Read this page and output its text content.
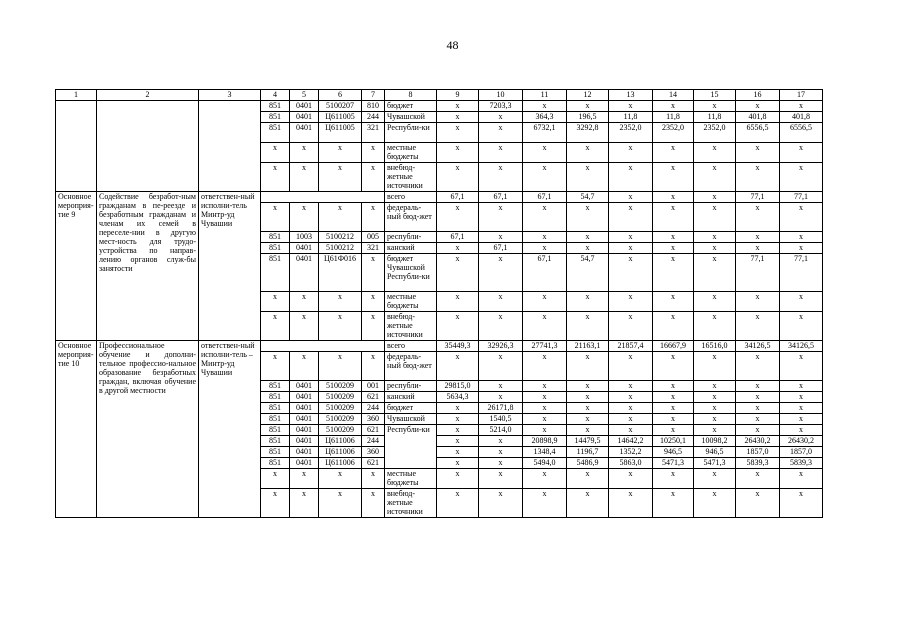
48
1	2	3	4	5	6	7	8	9	10	11	12	13	14	15	16	17
			851	0401	5100207	810	бюджет	x	7203,3	x	x	x	x	x	x	x
			851	0401	Ц611005	244	Чувашской	x	x	364,3	196,5	11,8	11,8	11,8	401,8	401,8
			851	0401	Ц611005	321	Республи-ки	x	x	6732,1	3292,8	2352,0	2352,0	2352,0	6556,5	6556,5
			x	x	x	x	местные бюджеты	x	x	x	x	x	x	x	x	x
			x	x	x	x	внебюд-жетные источники	x	x	x	x	x	x	x	x	x
Основное мероприя-тие 9	Содействие безработ-ным гражданам в пе-реезде и безработным гражданам и членам их семей в переселе-нии в другую мест-ность для трудо-устройства по направ-лению органов служ-бы занятости	ответствен-ный исполни-тель Минтр-уд Чувашии					всего	67,1	67,1	67,1	54,7	x	x	x	77,1	77,1
			x	x	x	x	федераль-ный бюд-жет	x	x	x	x	x	x	x	x	x
			851	1003	5100212	005	республи-	67,1	x	x	x	x	x	x	x	x
			851	0401	5100212	321	канский	x	67,1	x	x	x	x	x	x	x
			851	0401	Ц61Ф016	x	бюджет Чувашской Республи-ки	x	x	67,1	54,7	x	x	x	77,1	77,1
			x	x	x	x	местные бюджеты	x	x	x	x	x	x	x	x	x
			x	x	x	x	внебюд-жетные источники	x	x	x	x	x	x	x	x	x
Основное мероприя-тие 10	Профессиональное обучение и дополни-тельное профессио-нальное образование безработных граждан, включая обучение в другой местности	ответствен-ный исполни-тель – Минтр-уд Чувашии					всего	35449,3	32926,3	27741,3	21163,1	21857,4	16667,9	16516,0	34126,5	34126,5
			x	x	x	x	федераль-ный бюд-жет	x	x	x	x	x	x	x	x	x
			851	0401	5100209	001	республи-	29815,0	x	x	x	x	x	x	x	x
			851	0401	5100209	621	канский	5634,3	x	x	x	x	x	x	x	x
			851	0401	5100209	244	бюджет	x	26171,8	x	x	x	x	x	x	x
			851	0401	5100209	360	Чувашской	x	1540,5	x	x	x	x	x	x	x
			851	0401	5100209	621	Республи-ки	x	5214,0	x	x	x	x	x	x	x
			851	0401	Ц611006	244		x	x	20898,9	14479,5	14642,2	10250,1	10098,2	26430,2	26430,2
			851	0401	Ц611006	360		x	x	1348,4	1196,7	1352,2	946,5	946,5	1857,0	1857,0
			851	0401	Ц611006	621		x	x	5494,0	5486,9	5863,0	5471,3	5471,3	5839,3	5839,3
			x	x	x	x	местные бюджеты	x	x	x	x	x	x	x	x	x
			x	x	x	x	внебюд-жетные источники	x	x	x	x	x	x	x	x	x
